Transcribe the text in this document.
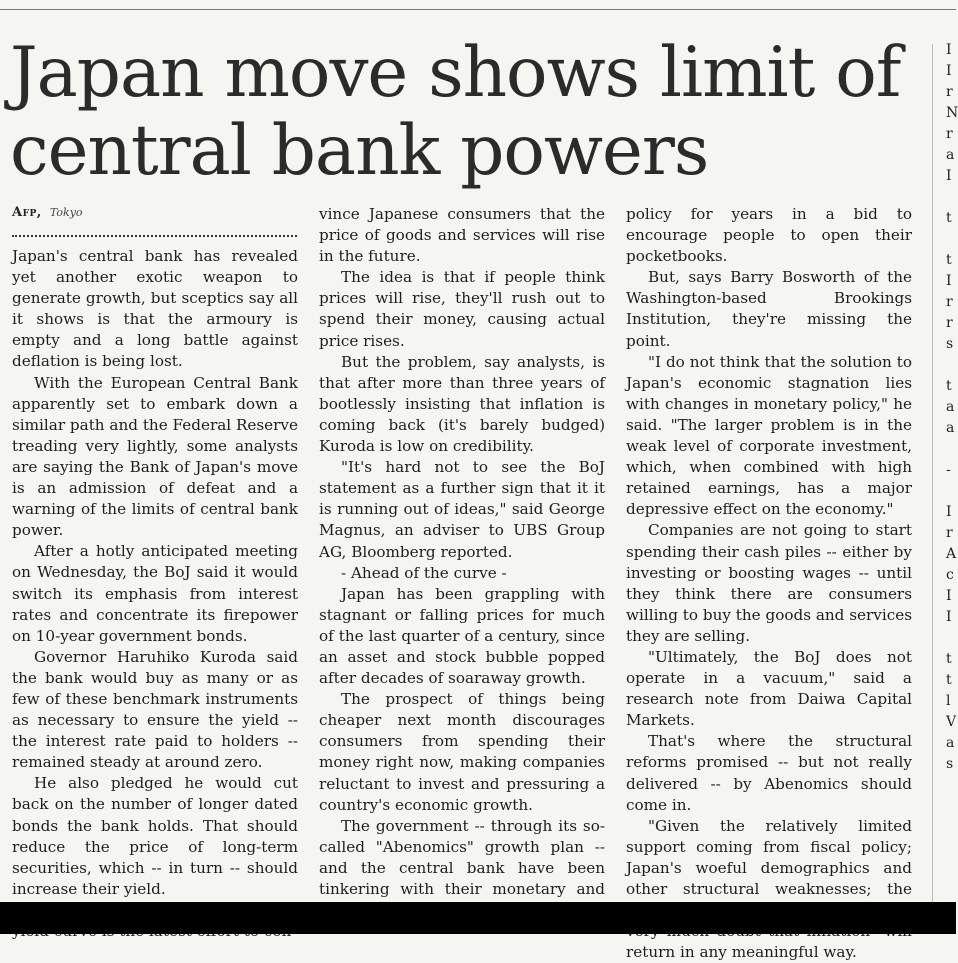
Japan move shows limit of central bank powers
Afp, Tokyo

Japan's central bank has revealed yet another exotic weapon to generate growth, but sceptics say all it shows is that the armoury is empty and a long battle against deflation is being lost.

With the European Central Bank apparently set to embark down a similar path and the Federal Reserve treading very lightly, some analysts are saying the Bank of Japan's move is an admission of defeat and a warning of the limits of central bank power.

After a hotly anticipated meeting on Wednesday, the BoJ said it would switch its emphasis from interest rates and concentrate its firepower on 10-year government bonds.

Governor Haruhiko Kuroda said the bank would buy as many or as few of these benchmark instruments as necessary to ensure the yield -- the interest rate paid to holders -- remained steady at around zero.

He also pledged he would cut back on the number of longer dated bonds the bank holds. That should reduce the price of long-term securities, which -- in turn -- should increase their yield.

vince Japanese consumers that the price of goods and services will rise in the future.

The idea is that if people think prices will rise, they'll rush out to spend their money, causing actual price rises.

But the problem, say analysts, is that after more than three years of bootlessly insisting that inflation is coming back (it's barely budged) Kuroda is low on credibility.

"It's hard not to see the BoJ statement as a further sign that it it is running out of ideas," said George Magnus, an adviser to UBS Group AG, Bloomberg reported.

- Ahead of the curve -

Japan has been grappling with stagnant or falling prices for much of the last quarter of a century, since an asset and stock bubble popped after decades of soaraway growth.

The prospect of things being cheaper next month discourages consumers from spending their money right now, making companies reluctant to invest and pressuring a country's economic growth.

The government -- through its so-called "Abenomics" growth plan -- and the central bank have been tinkering with their monetary and

policy for years in a bid to encourage people to open their pocketbooks.

But, says Barry Bosworth of the Washington-based Brookings Institution, they're missing the point.

"I do not think that the solution to Japan's economic stagnation lies with changes in monetary policy," he said. "The larger problem is in the weak level of corporate investment, which, when combined with high retained earnings, has a major depressive effect on the economy."

Companies are not going to start spending their cash piles -- either by investing or boosting wages -- until they think there are consumers willing to buy the goods and services they are selling.

"Ultimately, the BoJ does not operate in a vacuum," said a research note from Daiwa Capital Markets.

That's where the structural reforms promised -- but not really delivered -- by Abenomics should come in.

"Given the relatively limited support coming from fiscal policy; Japan's woeful demographics and other structural weaknesses; the return in any meaningful way.

I
I
r
N
r
a
I
t
t
I
r
r
s
t
a
a
-
I
r
A
c
I
I
t
t
l
V
a
s
